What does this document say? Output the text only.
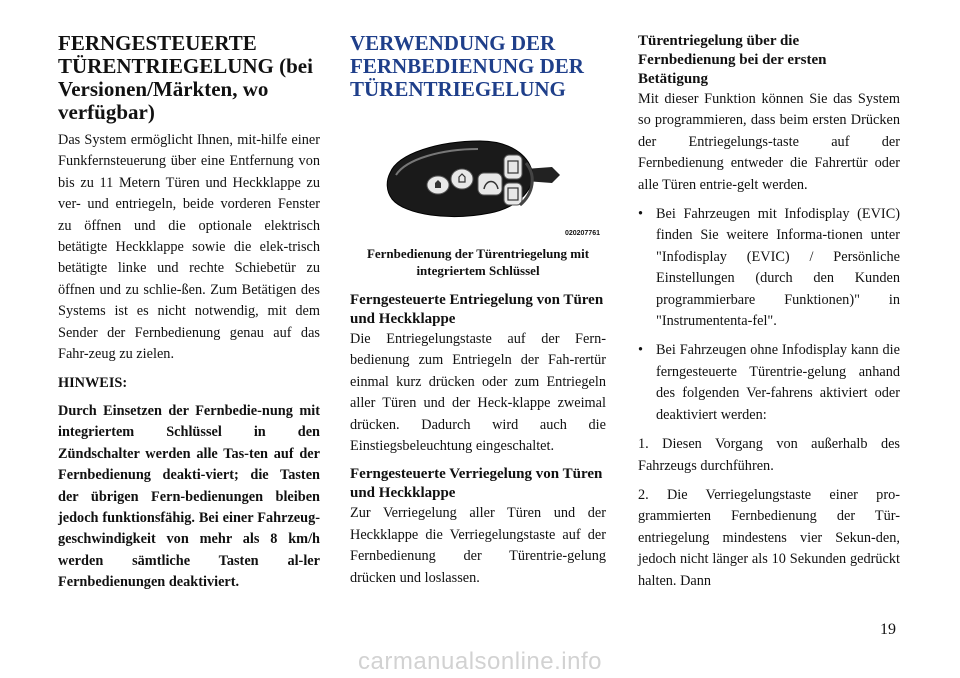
FERNGESTEUERTE TÜRENTRIEGELUNG (bei Versionen/Märkten, wo verfügbar)

Das System ermöglicht Ihnen, mit-hilfe einer Funkfernsteuerung über eine Entfernung von bis zu 11 Metern Türen und Heckklappe zu ver- und entriegeln, beide vorderen Fenster zu öffnen und die optionale elektrisch betätigte Heckklappe sowie die elek-trisch betätigte linke und rechte Schiebetür zu öffnen und zu schlie-ßen. Zum Betätigen des Systems ist es nicht notwendig, mit dem Sender der Fernbedienung genau auf das Fahr-zeug zu zielen.

HINWEIS:

Durch Einsetzen der Fernbedie-nung mit integriertem Schlüssel in den Zündschalter werden alle Tas-ten auf der Fernbedienung deakti-viert; die Tasten der übrigen Fern-bedienungen bleiben jedoch funktionsfähig. Bei einer Fahrzeug-geschwindigkeit von mehr als 8 km/h werden sämtliche Tasten al-ler Fernbedienungen deaktiviert.

VERWENDUNG DER FERNBEDIENUNG DER TÜRENTRIEGELUNG
020207761
Fernbedienung der Türentriegelung mit integriertem Schlüssel
Ferngesteuerte Entriegelung von Türen und Heckklappe

Die Entriegelungstaste auf der Fern-bedienung zum Entriegeln der Fah-rertür einmal kurz drücken oder zum Entriegeln aller Türen und der Heck-klappe zweimal drücken. Dadurch wird auch die Einstiegsbeleuchtung eingeschaltet.

Ferngesteuerte Verriegelung von Türen und Heckklappe

Zur Verriegelung aller Türen und der Heckklappe die Verriegelungstaste auf der Fernbedienung der Türentrie-gelung drücken und loslassen.

Türentriegelung über die Fernbedienung bei der ersten Betätigung

Mit dieser Funktion können Sie das System so programmieren, dass beim ersten Drücken der Entriegelungs-taste auf der Fernbedienung entweder die Fahrertür oder alle Türen entrie-gelt werden.

• Bei Fahrzeugen mit Infodisplay (EVIC) finden Sie weitere Informa-tionen unter "Infodisplay (EVIC) / Persönliche Einstellungen (durch den Kunden programmierbare Funktionen)" in "Instrumententa-fel".

• Bei Fahrzeugen ohne Infodisplay kann die ferngesteuerte Türentrie-gelung anhand des folgenden Ver-fahrens aktiviert oder deaktiviert werden:

1. Diesen Vorgang von außerhalb des Fahrzeugs durchführen.

2. Die Verriegelungstaste einer pro-grammierten Fernbedienung der Tür-entriegelung mindestens vier Sekun-den, jedoch nicht länger als 10 Sekunden gedrückt halten. Dann

19
carmanualsonline.info
